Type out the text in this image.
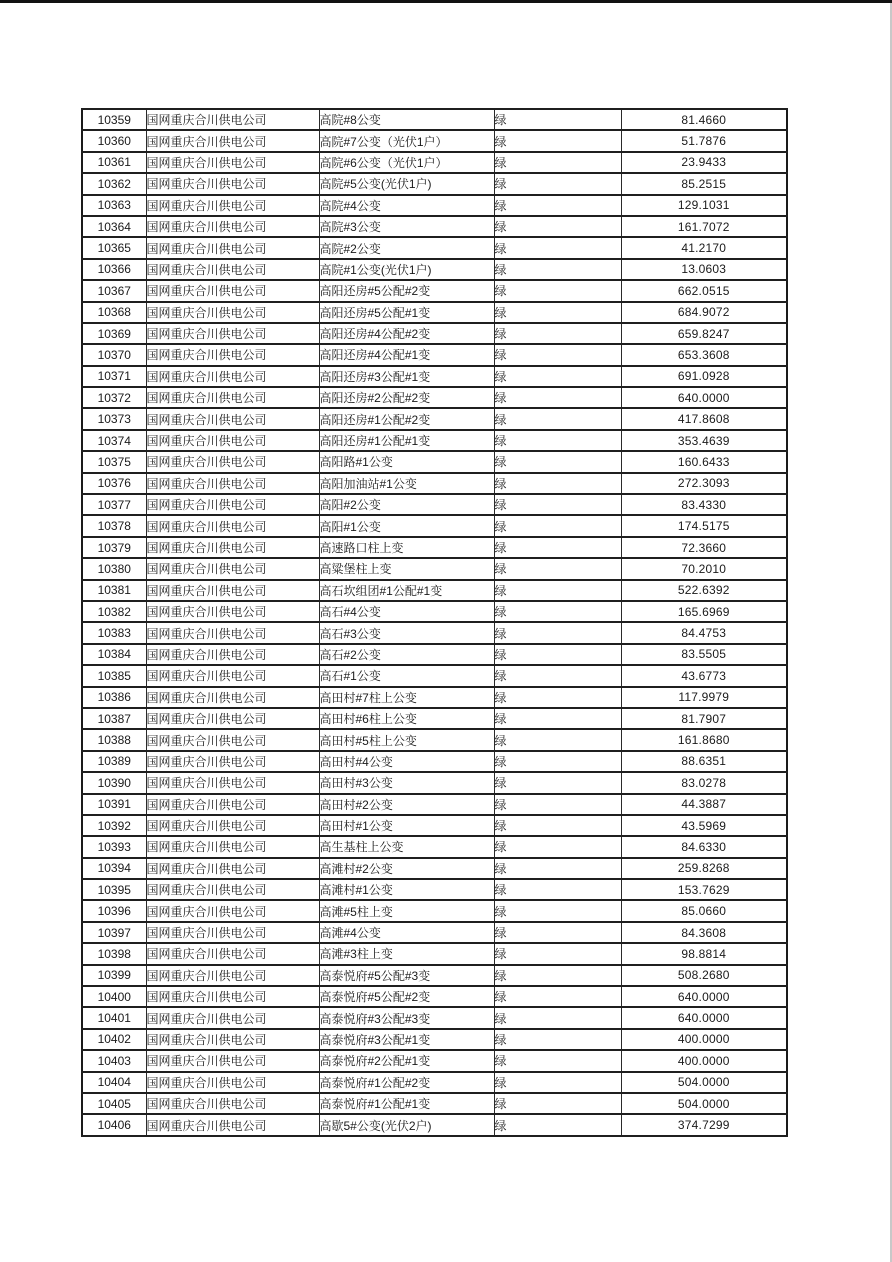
10359	国网重庆合川供电公司	高院#8公变	绿	81.4660
10360	国网重庆合川供电公司	高院#7公变（光伏1户）	绿	51.7876
10361	国网重庆合川供电公司	高院#6公变（光伏1户）	绿	23.9433
10362	国网重庆合川供电公司	高院#5公变(光伏1户)	绿	85.2515
10363	国网重庆合川供电公司	高院#4公变	绿	129.1031
10364	国网重庆合川供电公司	高院#3公变	绿	161.7072
10365	国网重庆合川供电公司	高院#2公变	绿	41.2170
10366	国网重庆合川供电公司	高院#1公变(光伏1户)	绿	13.0603
10367	国网重庆合川供电公司	高阳还房#5公配#2变	绿	662.0515
10368	国网重庆合川供电公司	高阳还房#5公配#1变	绿	684.9072
10369	国网重庆合川供电公司	高阳还房#4公配#2变	绿	659.8247
10370	国网重庆合川供电公司	高阳还房#4公配#1变	绿	653.3608
10371	国网重庆合川供电公司	高阳还房#3公配#1变	绿	691.0928
10372	国网重庆合川供电公司	高阳还房#2公配#2变	绿	640.0000
10373	国网重庆合川供电公司	高阳还房#1公配#2变	绿	417.8608
10374	国网重庆合川供电公司	高阳还房#1公配#1变	绿	353.4639
10375	国网重庆合川供电公司	高阳路#1公变	绿	160.6433
10376	国网重庆合川供电公司	高阳加油站#1公变	绿	272.3093
10377	国网重庆合川供电公司	高阳#2公变	绿	83.4330
10378	国网重庆合川供电公司	高阳#1公变	绿	174.5175
10379	国网重庆合川供电公司	高速路口柱上变	绿	72.3660
10380	国网重庆合川供电公司	高粱堡柱上变	绿	70.2010
10381	国网重庆合川供电公司	高石坎组团#1公配#1变	绿	522.6392
10382	国网重庆合川供电公司	高石#4公变	绿	165.6969
10383	国网重庆合川供电公司	高石#3公变	绿	84.4753
10384	国网重庆合川供电公司	高石#2公变	绿	83.5505
10385	国网重庆合川供电公司	高石#1公变	绿	43.6773
10386	国网重庆合川供电公司	高田村#7柱上公变	绿	117.9979
10387	国网重庆合川供电公司	高田村#6柱上公变	绿	81.7907
10388	国网重庆合川供电公司	高田村#5柱上公变	绿	161.8680
10389	国网重庆合川供电公司	高田村#4公变	绿	88.6351
10390	国网重庆合川供电公司	高田村#3公变	绿	83.0278
10391	国网重庆合川供电公司	高田村#2公变	绿	44.3887
10392	国网重庆合川供电公司	高田村#1公变	绿	43.5969
10393	国网重庆合川供电公司	高生基柱上公变	绿	84.6330
10394	国网重庆合川供电公司	高滩村#2公变	绿	259.8268
10395	国网重庆合川供电公司	高滩村#1公变	绿	153.7629
10396	国网重庆合川供电公司	高滩#5柱上变	绿	85.0660
10397	国网重庆合川供电公司	高滩#4公变	绿	84.3608
10398	国网重庆合川供电公司	高滩#3柱上变	绿	98.8814
10399	国网重庆合川供电公司	高泰悦府#5公配#3变	绿	508.2680
10400	国网重庆合川供电公司	高泰悦府#5公配#2变	绿	640.0000
10401	国网重庆合川供电公司	高泰悦府#3公配#3变	绿	640.0000
10402	国网重庆合川供电公司	高泰悦府#3公配#1变	绿	400.0000
10403	国网重庆合川供电公司	高泰悦府#2公配#1变	绿	400.0000
10404	国网重庆合川供电公司	高泰悦府#1公配#2变	绿	504.0000
10405	国网重庆合川供电公司	高泰悦府#1公配#1变	绿	504.0000
10406	国网重庆合川供电公司	高歇5#公变(光伏2户)	绿	374.7299
